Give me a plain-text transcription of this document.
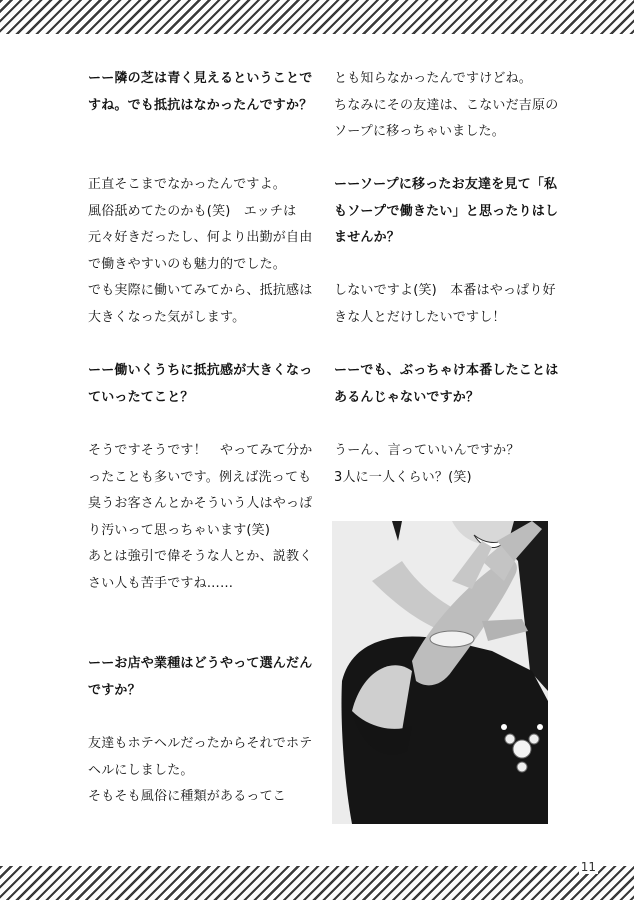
ーー隣の芝は青く見えるということですね。でも抵抗はなかったんですか？

正直そこまでなかったんですよ。
風俗舐めてたのかも(笑)　エッチは元々好きだったし、何より出勤が自由で働きやすいのも魅力的でした。
でも実際に働いてみてから、抵抗感は大きくなった気がします。

ーー働いくうちに抵抗感が大きくなっていったてこと？

そうですそうです！　やってみて分かったことも多いです。例えば洗っても臭うお客さんとかそういう人はやっぱり汚いって思っちゃいます(笑)
あとは強引で偉そうな人とか、説教くさい人も苦手ですね……

ーーお店や業種はどうやって選んだんですか？

友達もホテヘルだったからそれでホテヘルにしました。
そもそも風俗に種類があるってこ

とも知らなかったんですけどね。
ちなみにその友達は、こないだ吉原のソープに移っちゃいました。

ーーソープに移ったお友達を見て「私もソープで働きたい」と思ったりはしませんか？

しないですよ(笑)　本番はやっぱり好きな人とだけしたいですし！

ーーでも、ぶっちゃけ本番したことはあるんじゃないですか？

うーん、言っていいんですか？
3人に一人くらい？(笑)

11
